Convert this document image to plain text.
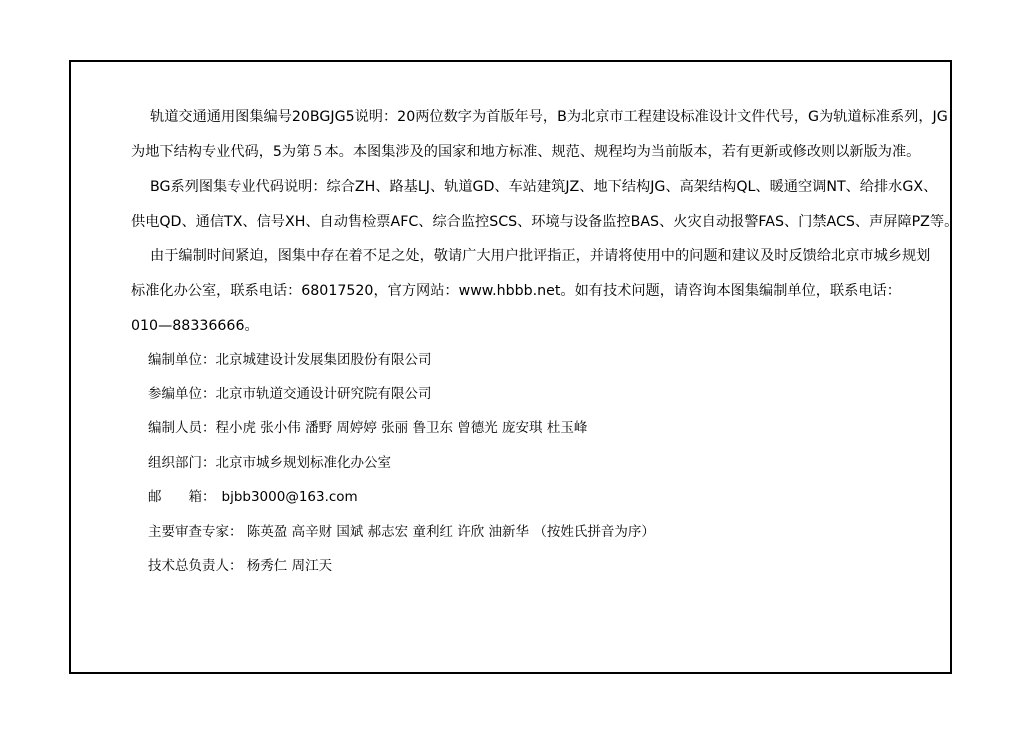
轨道交通通用图集编号20BGJG5说明：20两位数字为首版年号，B为北京市工程建设标准设计文件代号，G为轨道标准系列，JG
为地下结构专业代码，5为第５本。本图集涉及的国家和地方标准、规范、规程均为当前版本，若有更新或修改则以新版为准。
BG系列图集专业代码说明：综合ZH、路基LJ、轨道GD、车站建筑JZ、地下结构JG、高架结构QL、暖通空调NT、给排水GX、
供电QD、通信TX、信号XH、自动售检票AFC、综合监控SCS、环境与设备监控BAS、火灾自动报警FAS、门禁ACS、声屏障PZ等。
由于编制时间紧迫，图集中存在着不足之处，敬请广大用户批评指正，并请将使用中的问题和建议及时反馈给北京市城乡规划
标准化办公室，联系电话：68017520，官方网站：www.hbbb.net。如有技术问题，请咨询本图集编制单位，联系电话：
010—88336666。
编制单位：北京城建设计发展集团股份有限公司
参编单位：北京市轨道交通设计研究院有限公司
编制人员：程小虎 张小伟 潘野 周婷婷 张丽 鲁卫东 曾德光 庞安琪 杜玉峰
组织部门：北京市城乡规划标准化办公室
邮　　箱： bjbb3000@163.com
主要审查专家： 陈英盈 高辛财 国斌 郝志宏 童利红 许欣 油新华 （按姓氏拼音为序）
技术总负责人： 杨秀仁 周江天
